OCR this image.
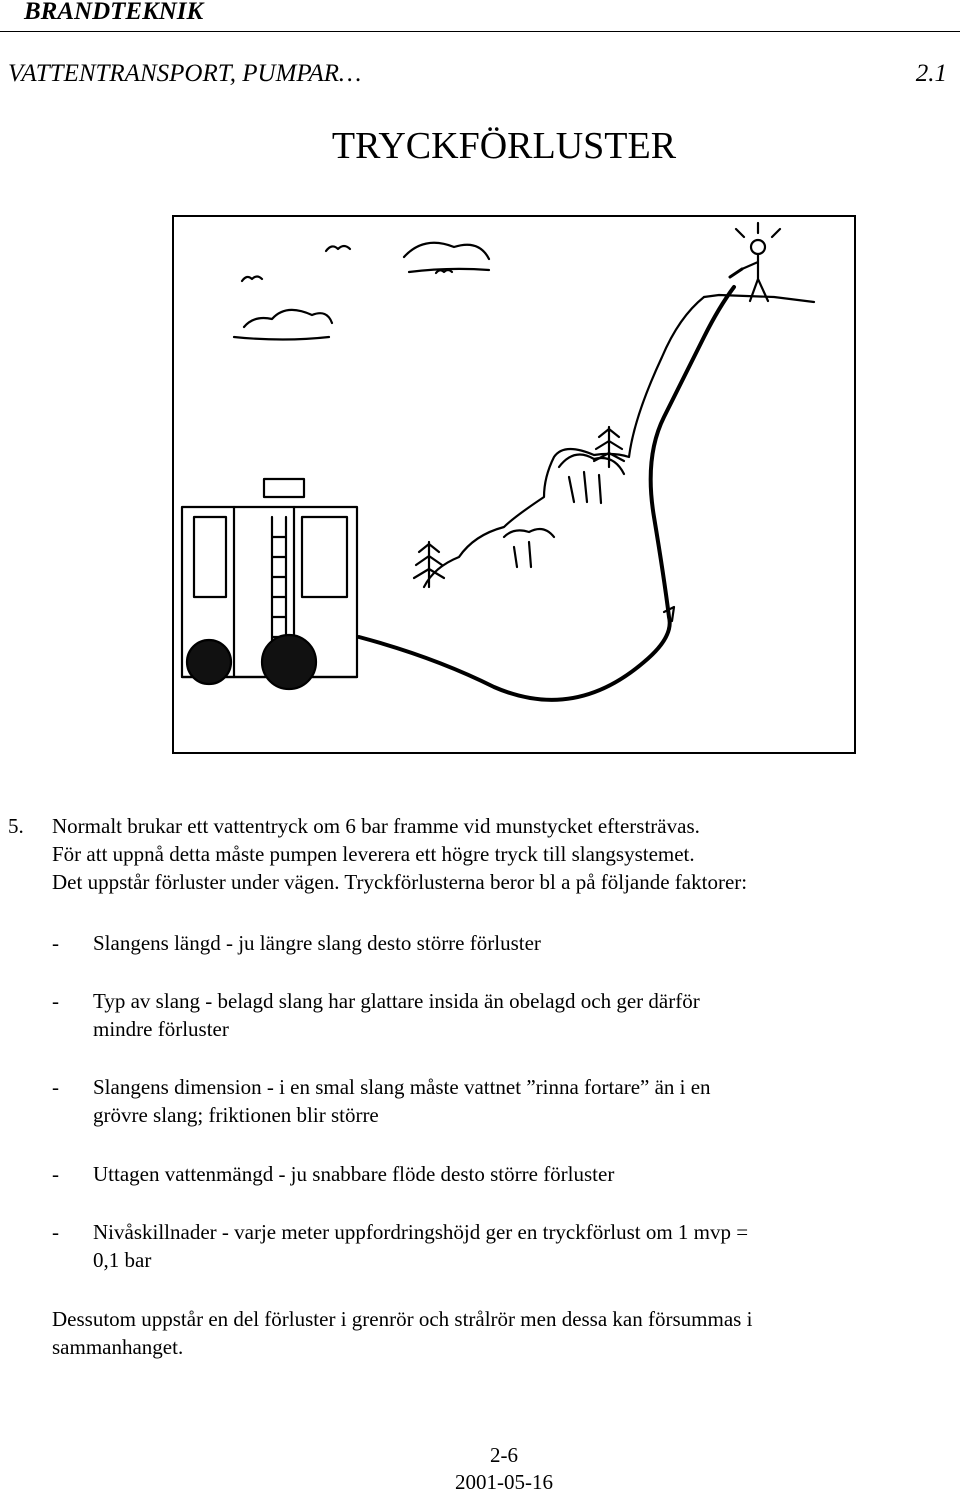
BRANDTEKNIK
VATTENTRANSPORT, PUMPAR…	2.1
TRYCKFÖRLUSTER
5. Normalt brukar ett vattentryck om 6 bar framme vid munstycket eftersträvas.
För att uppnå detta måste pumpen leverera ett högre tryck till slangsystemet.
Det uppstår förluster under vägen. Tryckförlusterna beror bl a på följande faktorer:
- Slangens längd - ju längre slang desto större förluster
- Typ av slang - belagd slang har glattare insida än obelagd och ger därför
mindre förluster
- Slangens dimension - i en smal slang måste vattnet ”rinna fortare” än i en
grövre slang; friktionen blir större
- Uttagen vattenmängd - ju snabbare flöde desto större förluster
- Nivåskillnader - varje meter uppfordringshöjd ger en tryckförlust om 1 mvp =
0,1 bar
Dessutom uppstår en del förluster i grenrör och strålrör men dessa kan försummas i
sammanhanget.
2-6
2001-05-16
